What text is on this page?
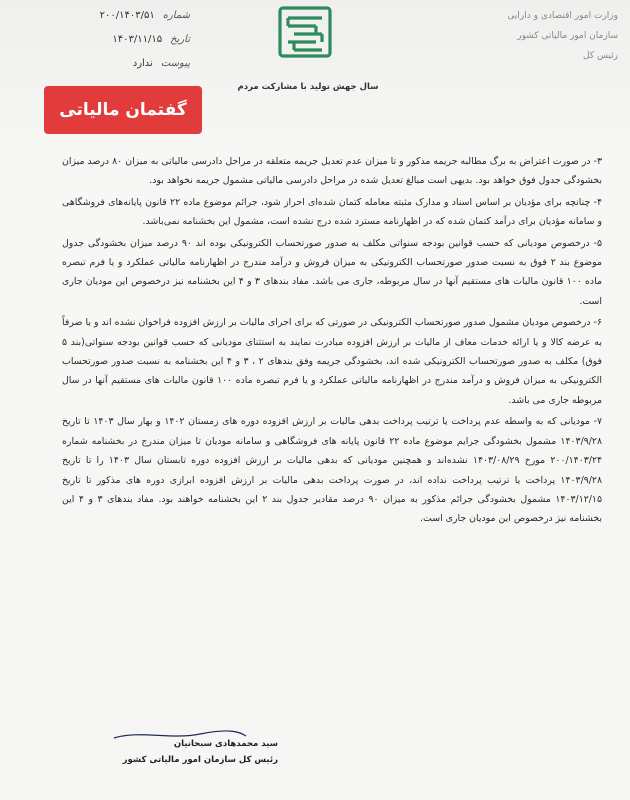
شماره
۲۰۰/۱۴۰۳/۵۱
تاریخ
۱۴۰۳/۱۱/۱۵
پیوست
ندارد
وزارت امور اقتصادی و دارایی
سازمان امور مالیاتی کشور
رئیس کل
سال جهش تولید با مشارکت مردم
گفتمان مالیاتی

۳- در صورت اعتراض به برگ مطالبه جریمه مذکور و تا میزان عدم تعدیل جریمه متعلقه در مراحل دادرسی مالیاتی به میزان ۸۰ درصد میزان بخشودگی جدول فوق خواهد بود. بدیهی است مبالغ تعدیل شده در مراحل دادرسی مالیاتی مشمول جریمه نخواهد بود.

۴- چنانچه برای مؤدیان بر اساس اسناد و مدارک مثبته معامله کتمان شده‌ای احراز شود، جرائم موضوع ماده ۲۲ قانون پایانه‌های فروشگاهی و سامانه مؤدیان برای درآمد کتمان شده که در اظهارنامه مسترد شده درج نشده است، مشمول این بخشنامه نمی‌باشد.

۵- درخصوص مودیانی که حسب قوانین بودجه سنواتی مکلف به صدور صورتحساب الکترونیکی بوده اند ۹۰ درصد میزان بخشودگی جدول موضوع بند ۲ فوق به نسبت صدور صورتحساب الکترونیکی به میزان فروش و درآمد مندرج در اظهارنامه مالیاتی عملکرد و یا فرم تبصره ماده ۱۰۰ قانون مالیات های مستقیم آنها در سال مربوطه، جاری می باشد. مفاد بندهای ۳ و ۴ این بخشنامه نیز درخصوص این مودیان جاری است.

۶- درخصوص مودیان مشمول صدور صورتحساب الکترونیکی در صورتی که برای اجرای مالیات بر ارزش افزوده فراخوان نشده اند و یا صرفاً به عرضه کالا و یا ارائه خدمات معاف از مالیات بر ارزش افزوده مبادرت نمایند به استثنای مودیانی که حسب قوانین بودجه سنواتی(بند ۵ فوق) مکلف به صدور صورتحساب الکترونیکی شده اند، بخشودگی جریمه وفق بندهای ۲ ، ۳ و ۴ این بخشنامه به نسبت صدور صورتحساب الکترونیکی به میزان فروش و درآمد مندرج در اظهارنامه مالیاتی عملکرد و یا فرم تبصره ماده ۱۰۰ قانون مالیات های مستقیم آنها در سال مربوطه جاری می باشد.

۷- مودیانی که به واسطه عدم پرداخت یا ترتیب پرداخت بدهی مالیات بر ارزش افزوده دوره های زمستان ۱۴۰۲ و بهار سال ۱۴۰۳ تا تاریخ ۱۴۰۳/۹/۲۸ مشمول بخشودگی جرایم موضوع ماده ۲۲ قانون پایانه های فروشگاهی و سامانه مودیان تا میزان مندرج در بخشنامه شماره ۲۰۰/۱۴۰۳/۲۴ مورخ ۱۴۰۳/۰۸/۲۹ نشده‌اند و همچنین مودیانی که بدهی مالیات بر ارزش افزوده دوره تابستان سال ۱۴۰۳ را تا تاریخ ۱۴۰۳/۹/۲۸ پرداخت یا ترتیب پرداخت نداده اند، در صورت پرداخت بدهی مالیات بر ارزش افزوده ابرازی دوره های مذکور تا تاریخ ۱۴۰۳/۱۲/۱۵ مشمول بخشودگی جرائم مذکور به میزان ۹۰ درصد مقادیر جدول بند ۲ این بخشنامه خواهند بود. مفاد بندهای ۳ و ۴ این بخشنامه نیز درخصوص این مودیان جاری است.

سید محمدهادی سبحانیان
رئیس کل سازمان امور مالیاتی کشور
